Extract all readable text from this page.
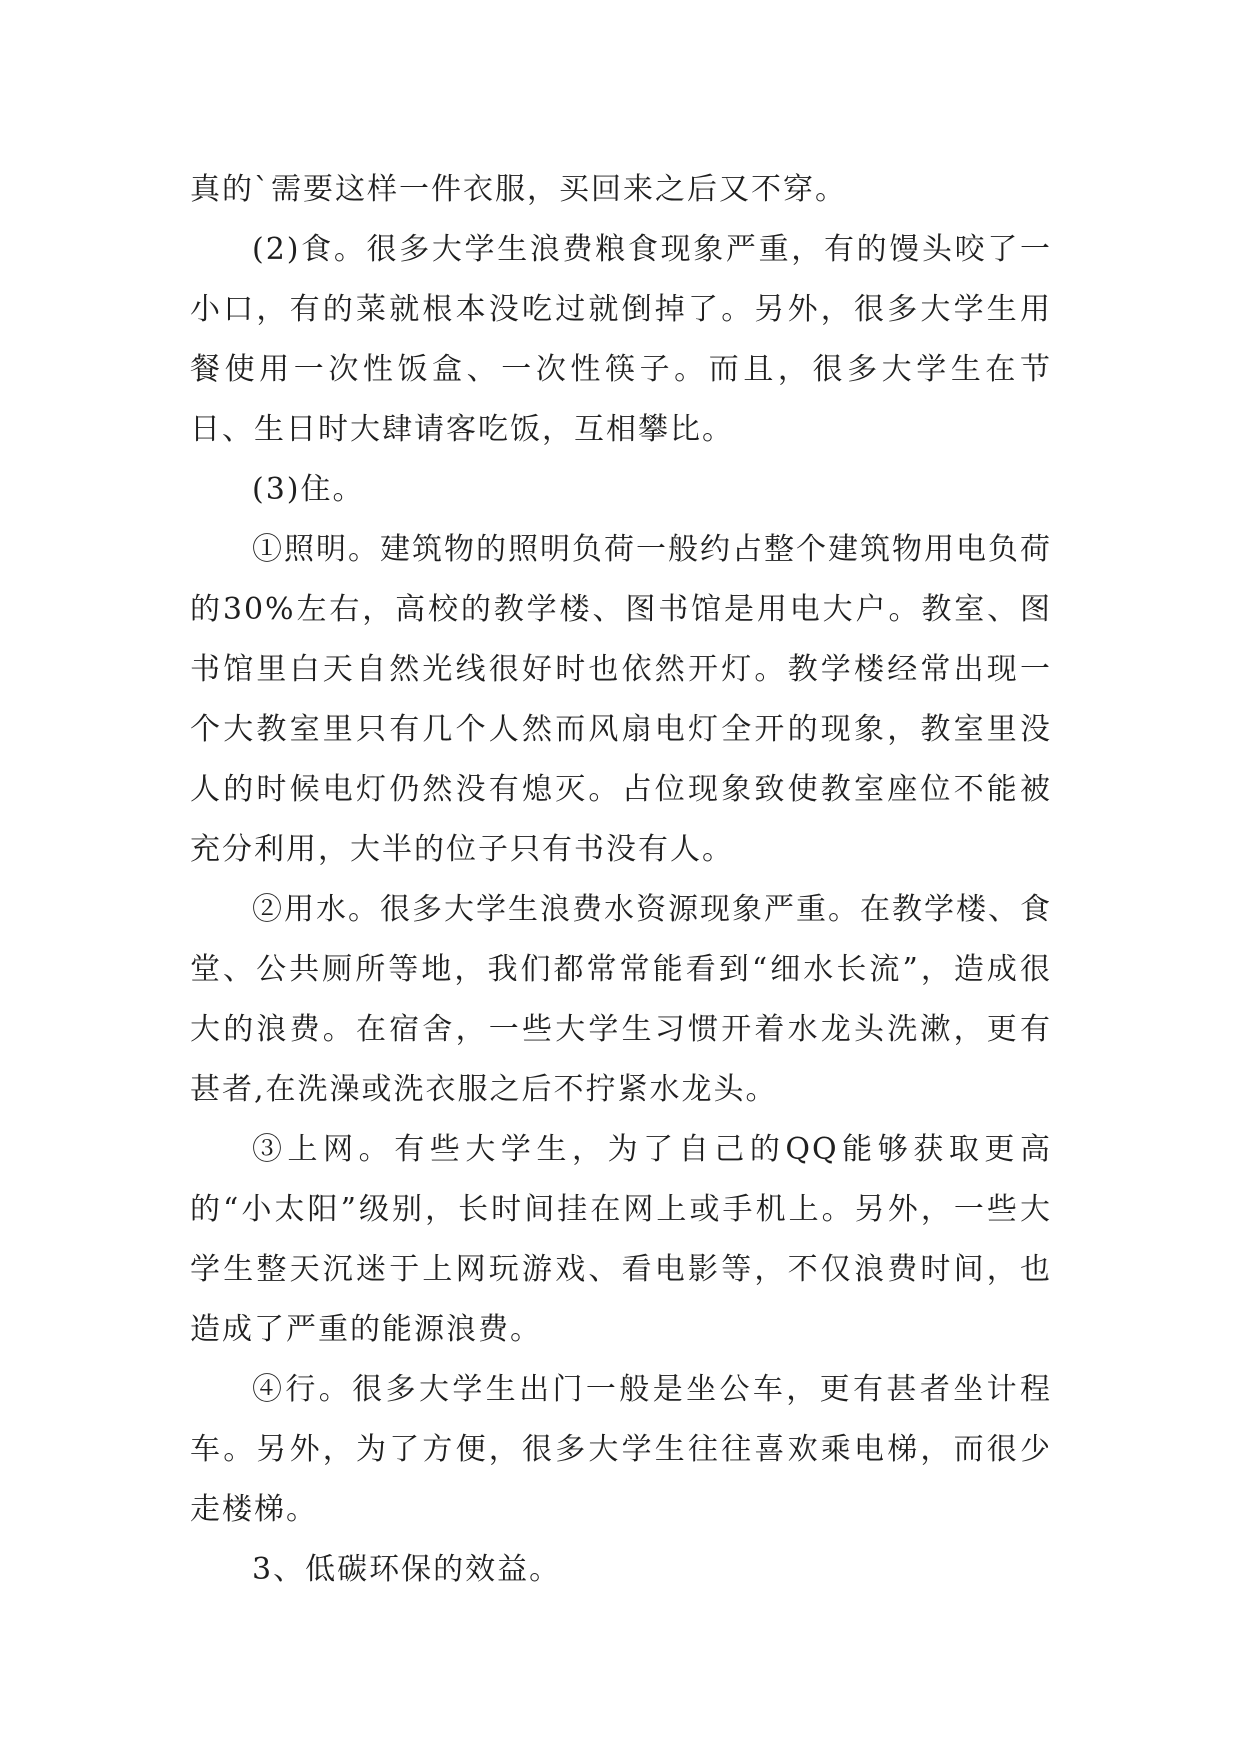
真的`需要这样一件衣服，买回来之后又不穿。

(2)食。很多大学生浪费粮食现象严重，有的馒头咬了一小口，有的菜就根本没吃过就倒掉了。另外，很多大学生用餐使用一次性饭盒、一次性筷子。而且，很多大学生在节日、生日时大肆请客吃饭，互相攀比。

(3)住。

①照明。建筑物的照明负荷一般约占整个建筑物用电负荷的30%左右，高校的教学楼、图书馆是用电大户。教室、图书馆里白天自然光线很好时也依然开灯。教学楼经常出现一个大教室里只有几个人然而风扇电灯全开的现象，教室里没人的时候电灯仍然没有熄灭。占位现象致使教室座位不能被充分利用，大半的位子只有书没有人。

②用水。很多大学生浪费水资源现象严重。在教学楼、食堂、公共厕所等地，我们都常常能看到“细水长流”，造成很大的浪费。在宿舍，一些大学生习惯开着水龙头洗漱，更有甚者,在洗澡或洗衣服之后不拧紧水龙头。

③上网。有些大学生，为了自己的QQ能够获取更高的“小太阳”级别，长时间挂在网上或手机上。另外，一些大学生整天沉迷于上网玩游戏、看电影等，不仅浪费时间，也造成了严重的能源浪费。

④行。很多大学生出门一般是坐公车，更有甚者坐计程车。另外，为了方便，很多大学生往往喜欢乘电梯，而很少走楼梯。

3、低碳环保的效益。
